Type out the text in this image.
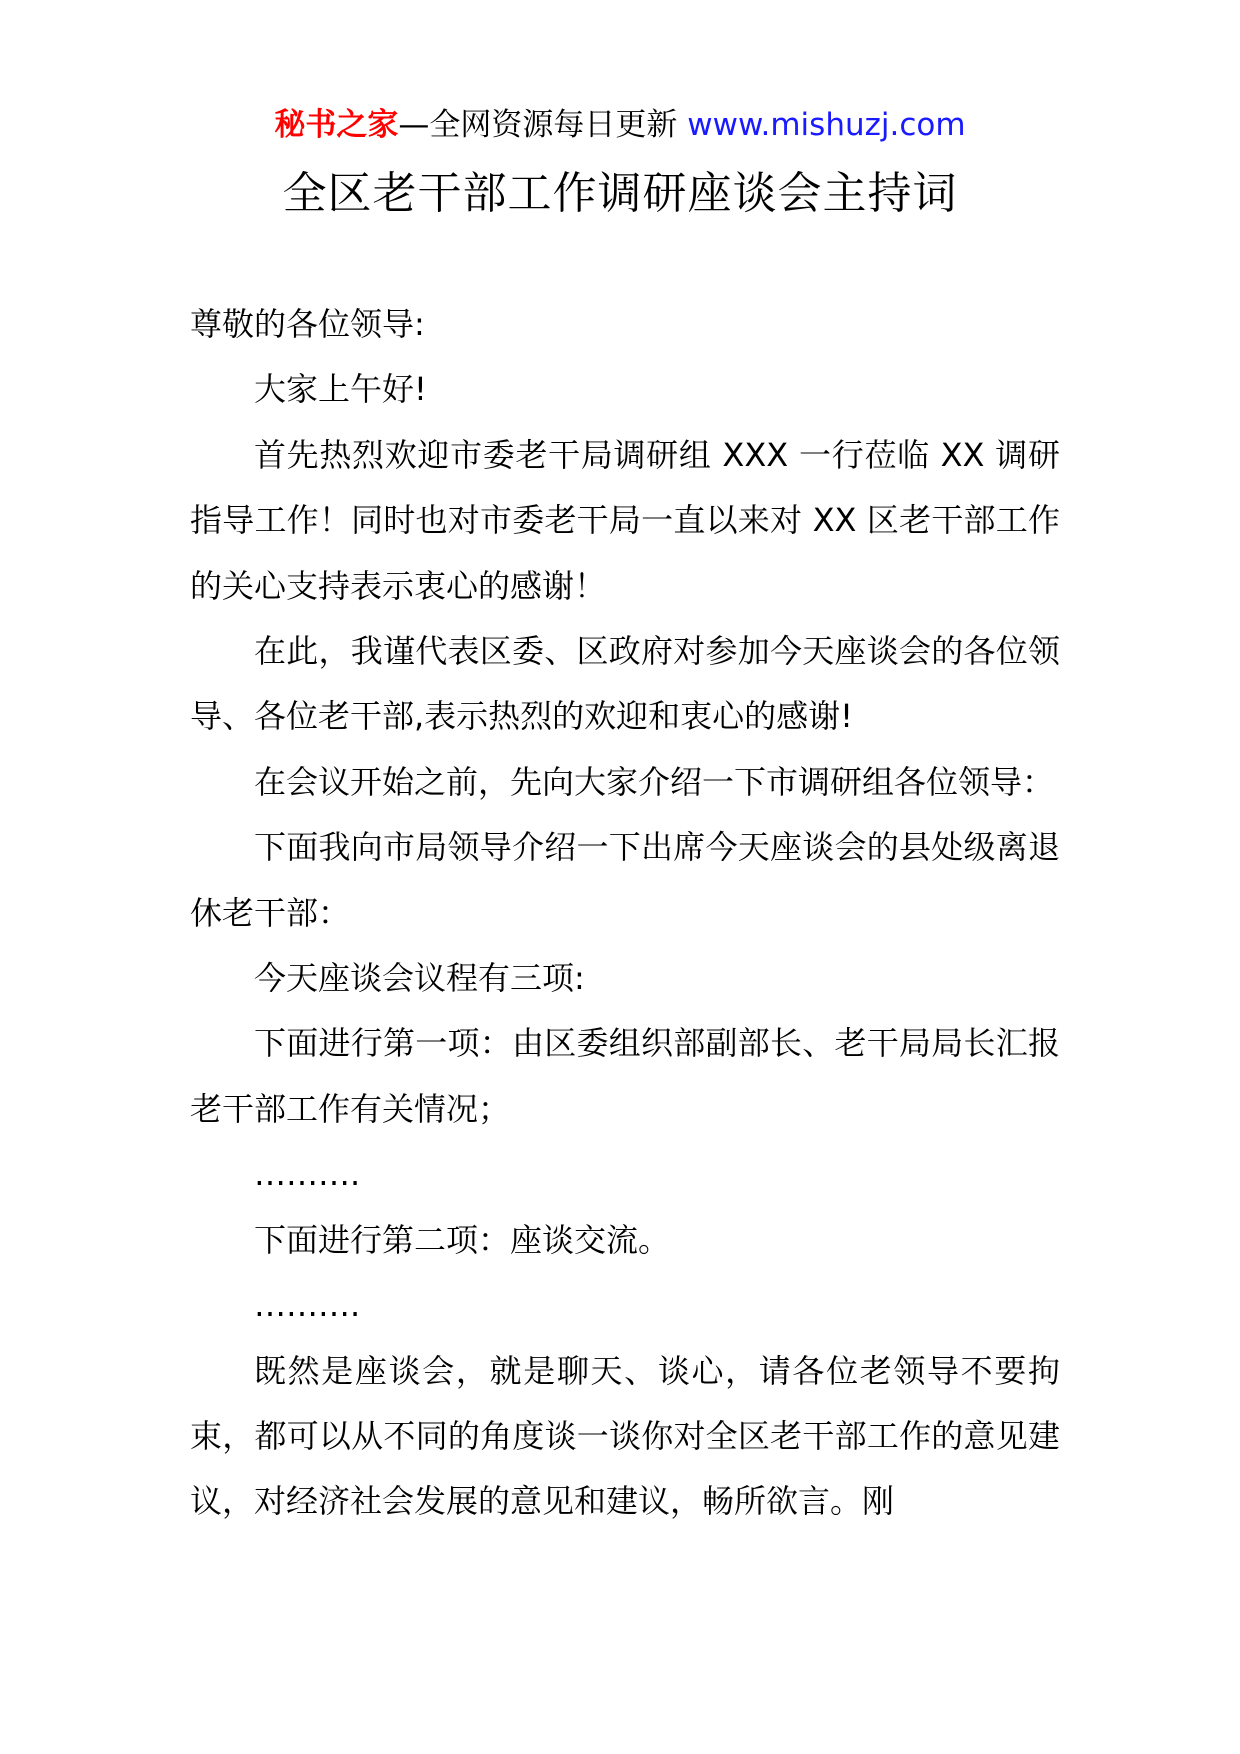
秘书之家—全网资源每日更新 www.mishuzj.com
全区老干部工作调研座谈会主持词

尊敬的各位领导:

大家上午好!

首先热烈欢迎市委老干局调研组 XXX 一行莅临 XX 调研指导工作！同时也对市委老干局一直以来对 XX 区老干部工作的关心支持表示衷心的感谢！

在此，我谨代表区委、区政府对参加今天座谈会的各位领导、各位老干部,表示热烈的欢迎和衷心的感谢!

在会议开始之前，先向大家介绍一下市调研组各位领导：

下面我向市局领导介绍一下出席今天座谈会的县处级离退休老干部：

今天座谈会议程有三项:

下面进行第一项：由区委组织部副部长、老干局局长汇报老干部工作有关情况；

……….

下面进行第二项：座谈交流。

……….

既然是座谈会，就是聊天、谈心，请各位老领导不要拘束，都可以从不同的角度谈一谈你对全区老干部工作的意见建议，对经济社会发展的意见和建议，畅所欲言。刚
